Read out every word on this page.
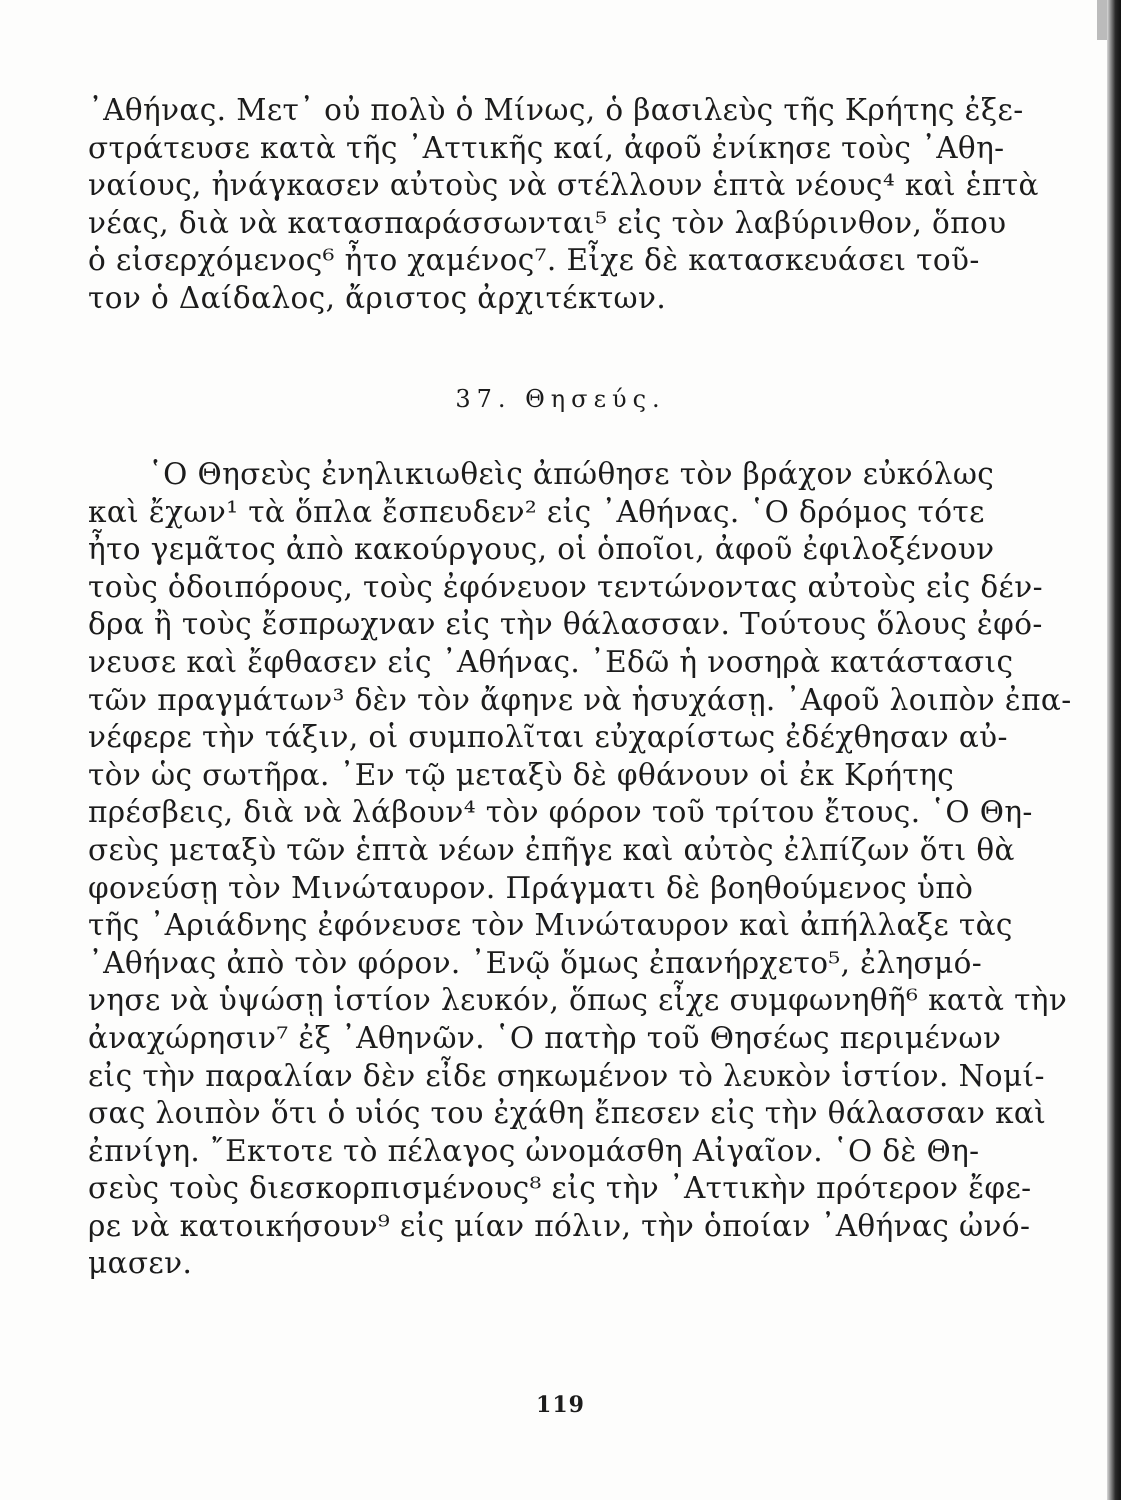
᾿Αθήνας. Μετ᾿ οὐ πολὺ ὁ Μίνως, ὁ βασιλεὺς τῆς Κρήτης ἐξε-
στράτευσε κατὰ τῆς ᾿Αττικῆς καί, ἀφοῦ ἐνίκησε τοὺς ᾿Αθη-
ναίους, ἠνάγκασεν αὐτοὺς νὰ στέλλουν ἑπτὰ νέους⁴ καὶ ἑπτὰ
νέας, διὰ νὰ κατασπαράσσωνται⁵ εἰς τὸν λαβύρινθον, ὅπου
ὁ εἰσερχόμενος⁶ ἦτο χαμένος⁷. Εἶχε δὲ κατασκευάσει τοῦ-
τον ὁ Δαίδαλος, ἄριστος ἀρχιτέκτων.
37. Θησεύς.
῾Ο Θησεὺς ἐνηλικιωθεὶς ἀπώθησε τὸν βράχον εὐκόλως
καὶ ἔχων¹ τὰ ὅπλα ἔσπευδεν² εἰς ᾿Αθήνας. ῾Ο δρόμος τότε
ἦτο γεμᾶτος ἀπὸ κακούργους, οἱ ὁποῖοι, ἀφοῦ ἐφιλοξένουν
τοὺς ὁδοιπόρους, τοὺς ἐφόνευον τεντώνοντας αὐτοὺς εἰς δέν-
δρα ἢ τοὺς ἔσπρωχναν εἰς τὴν θάλασσαν. Τούτους ὅλους ἐφό-
νευσε καὶ ἔφθασεν εἰς ᾿Αθήνας. ᾿Εδῶ ἡ νοσηρὰ κατάστασις
τῶν πραγμάτων³ δὲν τὸν ἄφηνε νὰ ἡσυχάσῃ. ᾿Αφοῦ λοιπὸν ἐπα-
νέφερε τὴν τάξιν, οἱ συμπολῖται εὐχαρίστως ἐδέχθησαν αὐ-
τὸν ὡς σωτῆρα. ᾿Εν τῷ μεταξὺ δὲ φθάνουν οἱ ἐκ Κρήτης
πρέσβεις, διὰ νὰ λάβουν⁴ τὸν φόρον τοῦ τρίτου ἔτους. ῾Ο Θη-
σεὺς μεταξὺ τῶν ἑπτὰ νέων ἐπῆγε καὶ αὐτὸς ἐλπίζων ὅτι θὰ
φονεύσῃ τὸν Μινώταυρον. Πράγματι δὲ βοηθούμενος ὑπὸ
τῆς ᾿Αριάδνης ἐφόνευσε τὸν Μινώταυρον καὶ ἀπήλλαξε τὰς
᾿Αθήνας ἀπὸ τὸν φόρον. ᾿Ενῷ ὅμως ἐπανήρχετο⁵, ἐλησμό-
νησε νὰ ὑψώσῃ ἱστίον λευκόν, ὅπως εἶχε συμφωνηθῆ⁶ κατὰ τὴν
ἀναχώρησιν⁷ ἐξ ᾿Αθηνῶν. ῾Ο πατὴρ τοῦ Θησέως περιμένων
εἰς τὴν παραλίαν δὲν εἶδε σηκωμένον τὸ λευκὸν ἱστίον. Νομί-
σας λοιπὸν ὅτι ὁ υἱός του ἐχάθη ἔπεσεν εἰς τὴν θάλασσαν καὶ
ἐπνίγη. ῎Εκτοτε τὸ πέλαγος ὠνομάσθη Αἰγαῖον. ῾Ο δὲ Θη-
σεὺς τοὺς διεσκορπισμένους⁸ εἰς τὴν ᾿Αττικὴν πρότερον ἔφε-
ρε νὰ κατοικήσουν⁹ εἰς μίαν πόλιν, τὴν ὁποίαν ᾿Αθήνας ὠνό-
μασεν.
119
